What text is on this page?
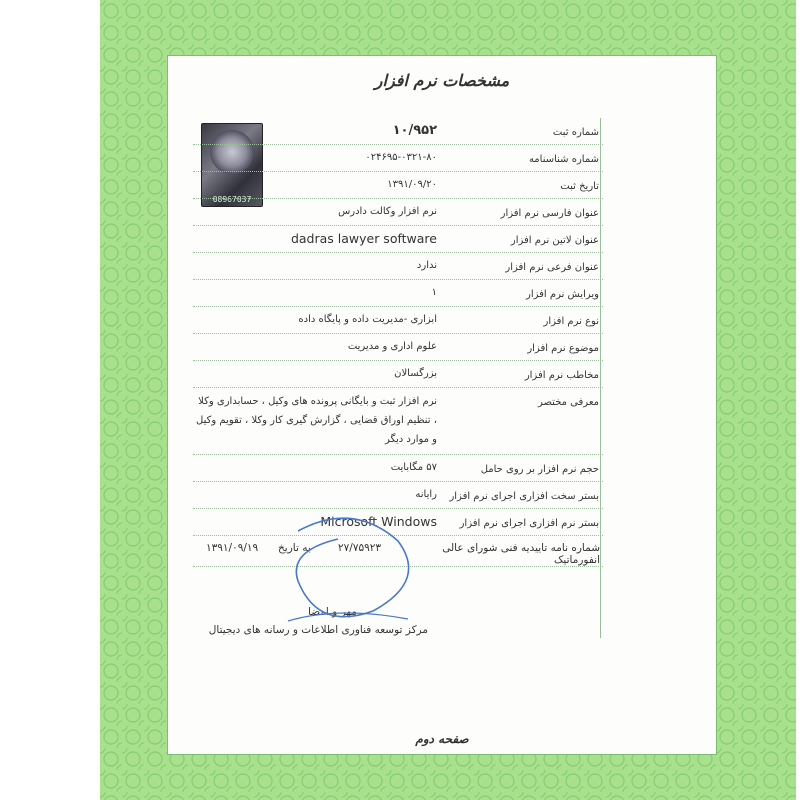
مشخصات نرم افزار
08967037
شماره ثبت
۱۰/۹۵۲
شماره شناسنامه
۰۲۴۶۹۵-۰۳۲۱-۸۰
تاریخ ثبت
۱۳۹۱/۰۹/۲۰
عنوان فارسی نرم افزار
نرم افزار وکالت دادرس
عنوان لاتین نرم افزار
dadras lawyer software
عنوان فرعی نرم افزار
ندارد
ویرایش نرم افزار
۱
نوع نرم افزار
ابزاری -مدیریت داده و پایگاه داده
موضوع نرم افزار
علوم اداری و مدیریت
مخاطب نرم افزار
بزرگسالان
معرفی مختصر
نرم افزار ثبت و بایگانی پرونده های وکیل ، حسابداری وکلا ، تنظیم اوراق قضایی ، گزارش گیری کار وکلا ، تقویم وکیل و موارد دیگر
حجم نرم افزار بر روی حامل
۵۷ مگابایت
بستر سخت افزاری اجرای نرم افزار
رایانه
بستر نرم افزاری اجرای نرم افزار
Microsoft Windows
شماره نامه تاییدیه فنی شورای عالی انفورماتیک
۲۷/۷۵۹۲۳
به تاریخ
۱۳۹۱/۰۹/۱۹
مهر و امضا
مرکز توسعه فناوری اطلاعات و رسانه های دیجیتال
صفحه دوم
